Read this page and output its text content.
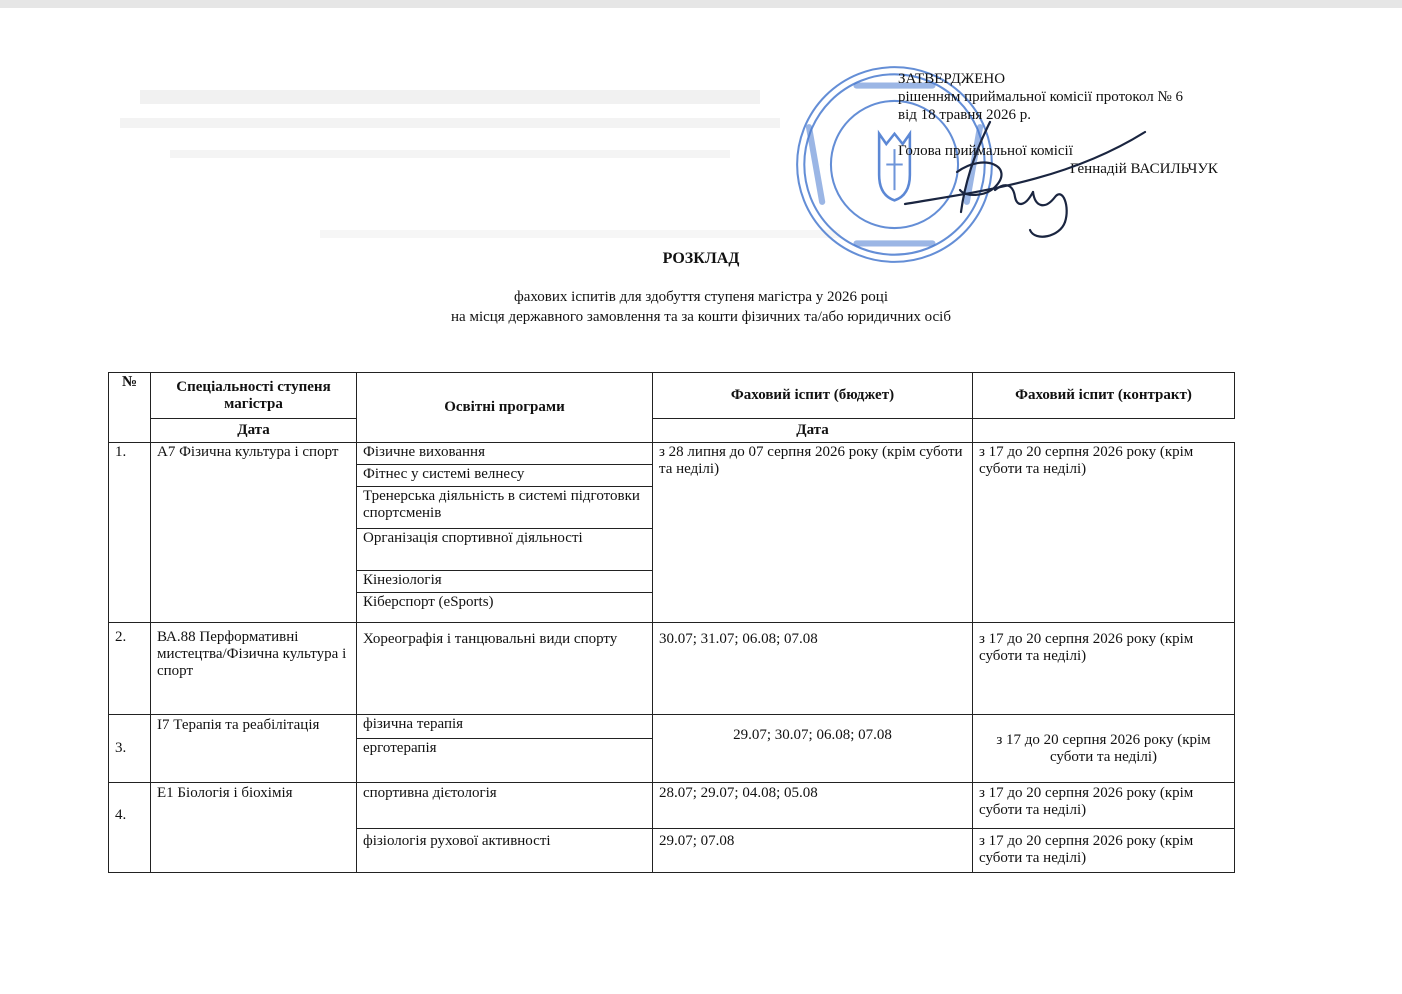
ЗАТВЕРДЖЕНО
рішенням приймальної комісії протокол № 6
від 18 травня 2026 р.
Голова приймальної комісії
Геннадій ВАСИЛЬЧУК
РОЗКЛАД
фахових іспитів для здобуття ступеня магістра у 2026 році
на місця державного замовлення та за кошти фізичних та/або юридичних осіб
№	Спеціальності ступеня магістра	Освітні програми	Фаховий іспит (бюджет)	Фаховий іспит (контракт)
	Дата		Дата	
1.	А7 Фізична культура і спорт	Фізичне виховання	з 28 липня до 07 серпня 2026 року (крім суботи та неділі)	з 17 до 20 серпня 2026 року (крім суботи та неділі)
		Фітнес у системі велнесу		
		Тренерська діяльність в системі підготовки спортсменів		
		Організація спортивної діяльності		
		Кінезіологія		
		Кіберспорт (eSports)		
2.	ВА.88 Перформативні мистецтва/Фізична культура і спорт	Хореографія і танцювальні види спорту	30.07; 31.07; 06.08; 07.08	з 17 до 20 серпня 2026 року (крім суботи та неділі)
3.	І7 Терапія та реабілітація	фізична терапія	29.07; 30.07; 06.08; 07.08	з 17 до 20 серпня 2026 року (крім суботи та неділі)
		ерготерапія		
4.	Е1 Біологія і біохімія	спортивна дієтологія	28.07; 29.07; 04.08; 05.08	з 17 до 20 серпня 2026 року (крім суботи та неділі)
		фізіологія рухової активності	29.07; 07.08	з 17 до 20 серпня 2026 року (крім суботи та неділі)
